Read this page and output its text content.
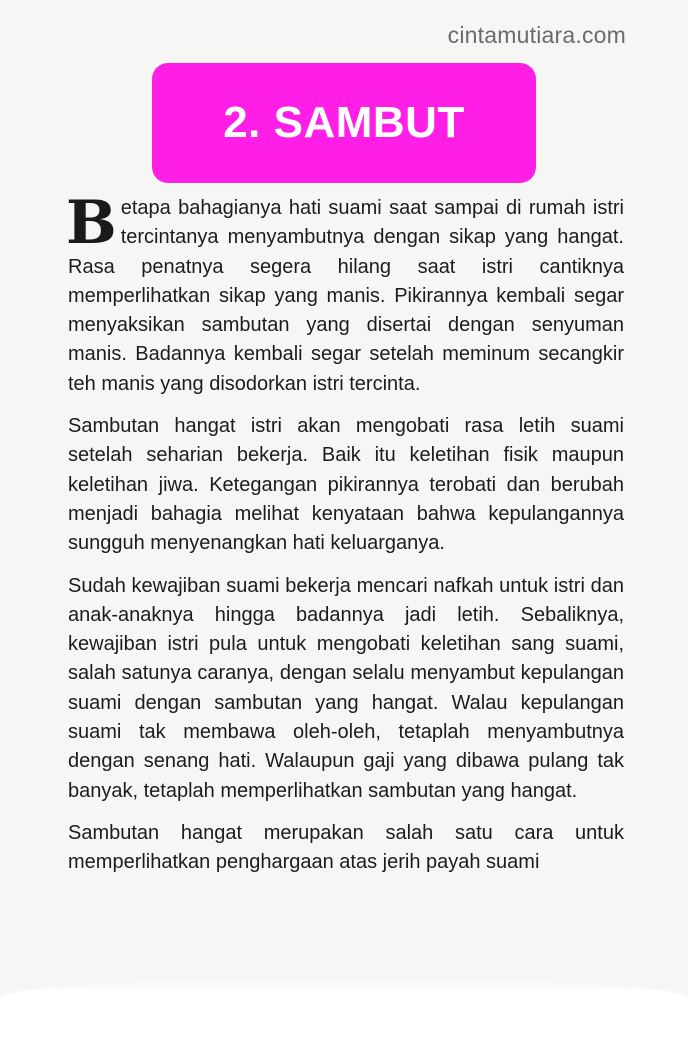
cintamutiara.com
2. SAMBUT

Betapa bahagianya hati suami saat sampai di rumah istri tercintanya menyambutnya dengan sikap yang hangat. Rasa penatnya segera hilang saat istri cantiknya memperlihatkan sikap yang manis. Pikirannya kembali segar menyaksikan sambutan yang disertai dengan senyuman manis. Badannya kembali segar setelah meminum secangkir teh manis yang disodorkan istri tercinta.

Sambutan hangat istri akan mengobati rasa letih suami setelah seharian bekerja. Baik itu keletihan fisik maupun keletihan jiwa. Ketegangan pikirannya terobati dan berubah menjadi bahagia melihat kenyataan bahwa kepulangannya sungguh menyenangkan hati keluarganya.

Sudah kewajiban suami bekerja mencari nafkah untuk istri dan anak-anaknya hingga badannya jadi letih. Sebaliknya, kewajiban istri pula untuk mengobati keletihan sang suami, salah satunya caranya, dengan selalu menyambut kepulangan suami dengan sambutan yang hangat. Walau kepulangan suami tak membawa oleh-oleh, tetaplah menyambutnya dengan senang hati. Walaupun gaji yang dibawa pulang tak banyak, tetaplah memperlihatkan sambutan yang hangat.

Sambutan hangat merupakan salah satu cara untuk memperlihatkan penghargaan atas jerih payah suami
